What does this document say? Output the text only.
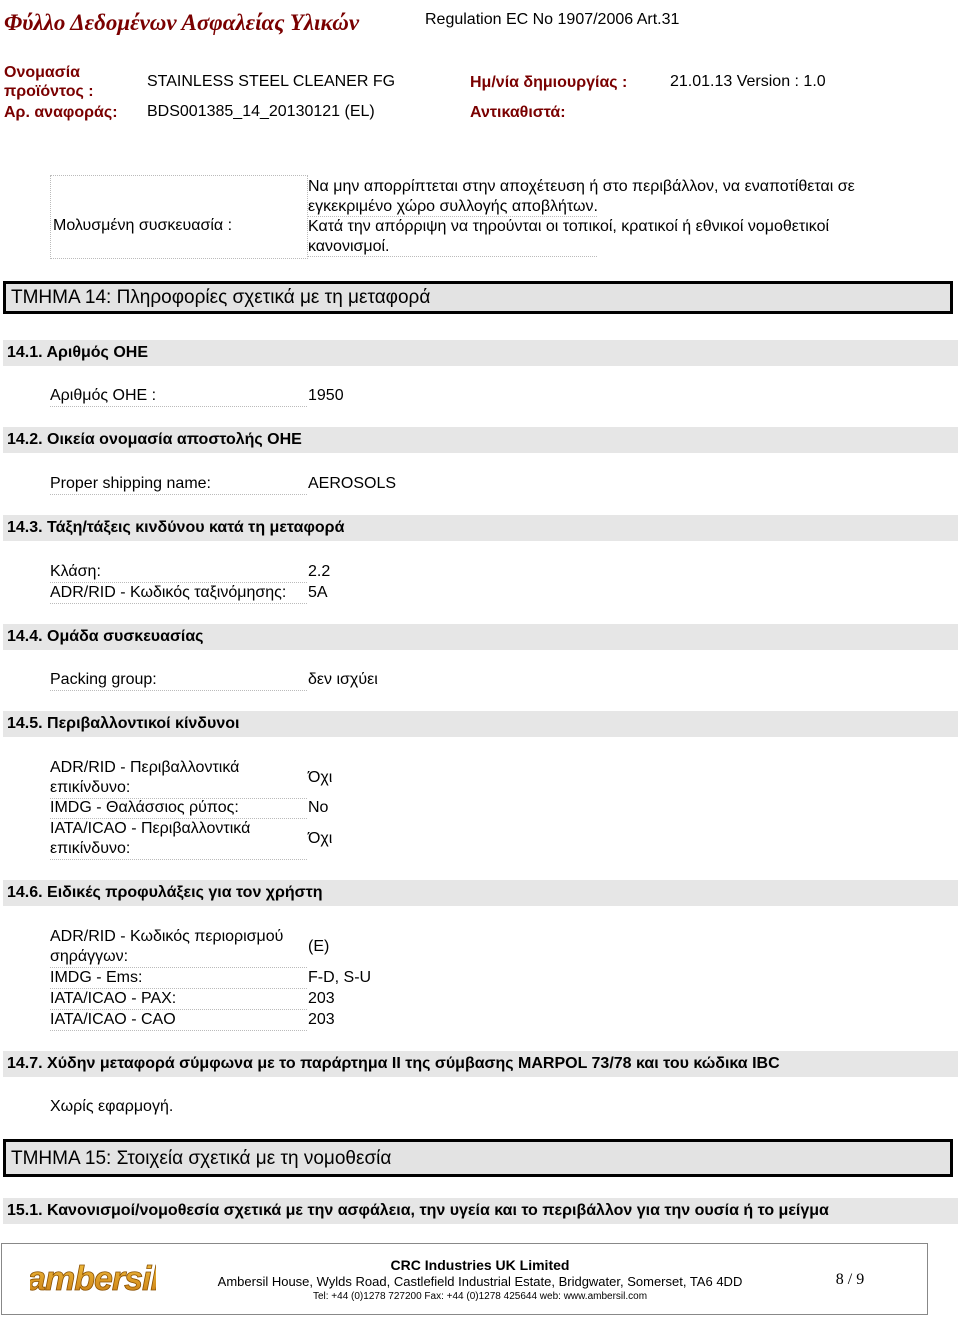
Φύλλο Δεδομένων Ασφαλείας Υλικών	Regulation EC No 1907/2006 Art.31
Ονομασία
προϊόντος :
STAINLESS STEEL CLEANER FG	Ημ/νία δημιουργίας :	21.01.13 Version : 1.0
Αρ. αναφοράς: BDS001385_14_20130121 (EL)	Αντικαθιστά:
Μολυσμένη συσκευασία :
Να μην απορρίπτεται στην αποχέτευση ή στο περιβάλλον, να εναποτίθεται σε
εγκεκριμένο χώρο συλλογής αποβλήτων.
Κατά την απόρριψη να τηρούνται οι τοπικοί, κρατικοί ή εθνικοί νομοθετικοί
κανονισμοί.
ΤΜΗΜΑ 14: Πληροφορίες σχετικά με τη μεταφορά
14.1. Αριθμός ΟΗΕ
Αριθμός ΟΗΕ :	1950
14.2. Οικεία ονομασία αποστολής ΟΗΕ
Proper shipping name:	AEROSOLS
14.3. Τάξη/τάξεις κινδύνου κατά τη μεταφορά
Κλάση:	2.2
ADR/RID - Κωδικός ταξινόμησης:	5A
14.4. Ομάδα συσκευασίας
Packing group:	δεν ισχύει
14.5. Περιβαλλοντικοί κίνδυνοι
ADR/RID - Περιβαλλοντικά
επικίνδυνο:
Όχι
IMDG - Θαλάσσιος ρύπος:	No
IATA/ICAO - Περιβαλλοντικά
επικίνδυνο:
Όχι
14.6. Ειδικές προφυλάξεις για τον χρήστη
ADR/RID - Κωδικός περιορισμού
σηράγγων:
(E)
IMDG - Ems:	F-D, S-U
IATA/ICAO - PAX:	203
IATA/ICAO - CAO	203
14.7. Χύδην μεταφορά σύμφωνα με το παράρτημα II της σύμβασης MARPOL 73/78 και του κώδικα IBC
Χωρίς εφαρμογή.
ΤΜΗΜΑ 15: Στοιχεία σχετικά με τη νομοθεσία
15.1. Κανονισμοί/νομοθεσία σχετικά με την ασφάλεια, την υγεία και το περιβάλλον για την ουσία ή το μείγμα
ambersil	CRC Industries UK Limited
Ambersil House, Wylds Road, Castlefield Industrial Estate, Bridgwater, Somerset, TA6 4DD
Tel: +44 (0)1278 727200 Fax: +44 (0)1278 425644 web: www.ambersil.com
8 / 9
